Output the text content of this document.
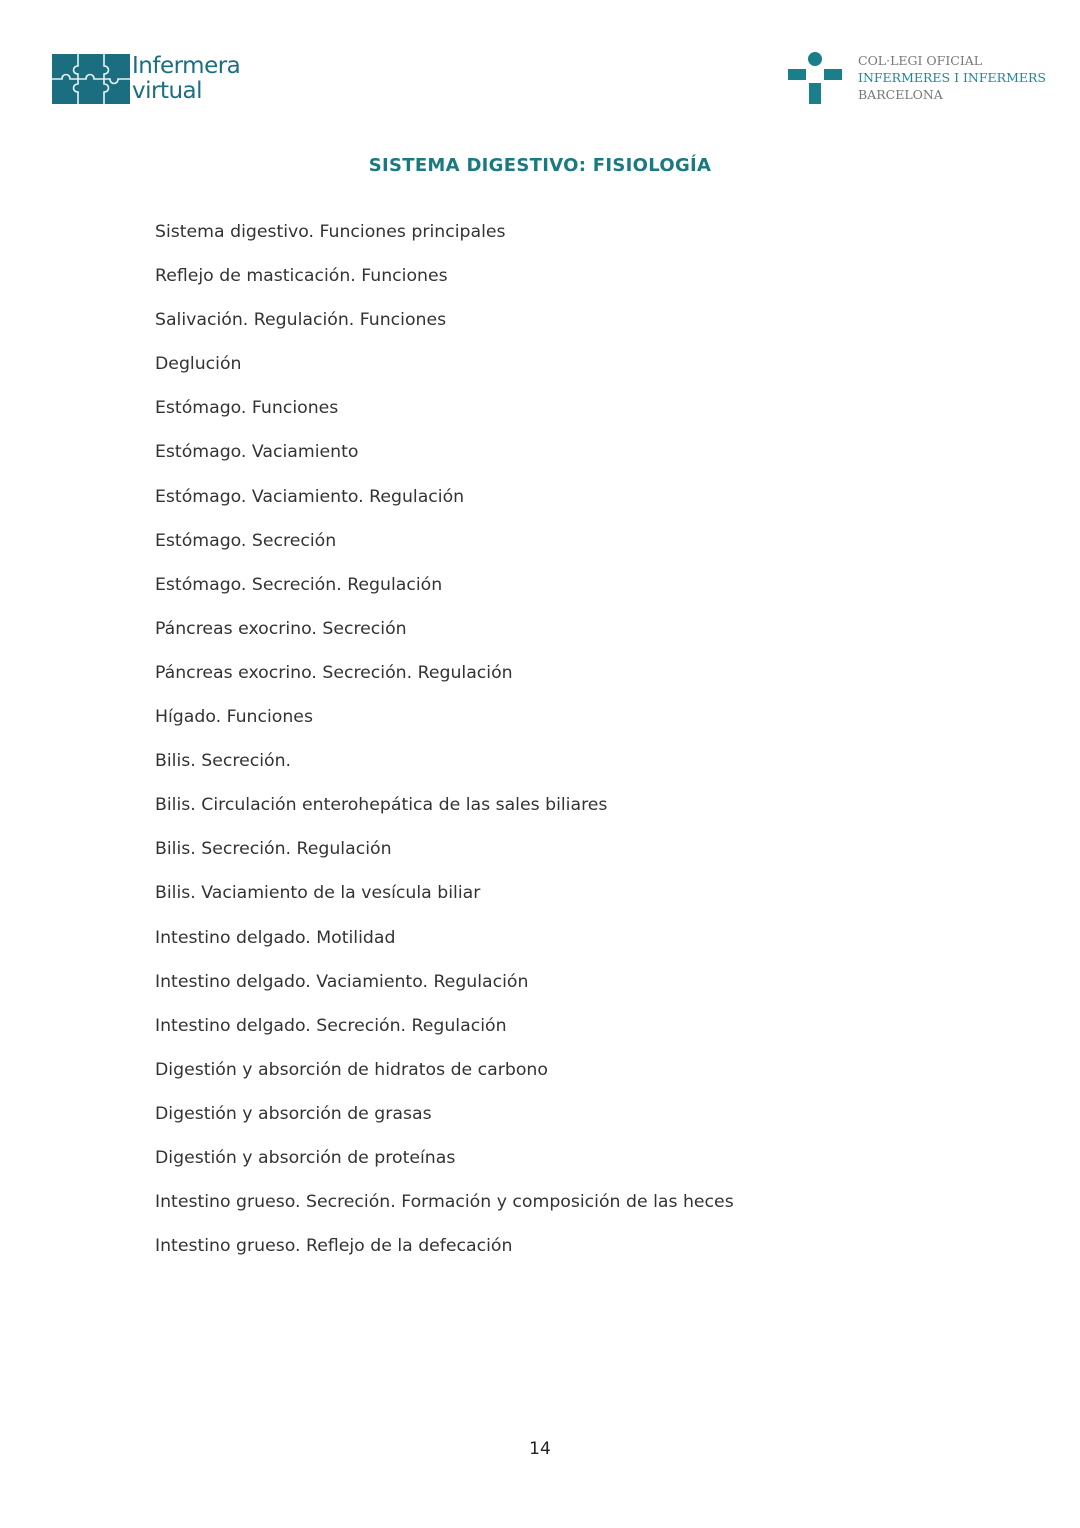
Infermera
virtual
COL·LEGI OFICIAL
INFERMERES I INFERMERS
BARCELONA
SISTEMA DIGESTIVO: FISIOLOGÍA
Sistema digestivo. Funciones principales
Reflejo de masticación. Funciones
Salivación. Regulación. Funciones
Deglución
Estómago. Funciones
Estómago. Vaciamiento
Estómago. Vaciamiento. Regulación
Estómago. Secreción
Estómago. Secreción. Regulación
Páncreas exocrino. Secreción
Páncreas exocrino. Secreción. Regulación
Hígado. Funciones
Bilis. Secreción.
Bilis. Circulación enterohepática de las sales biliares
Bilis. Secreción. Regulación
Bilis. Vaciamiento de la vesícula biliar
Intestino delgado. Motilidad
Intestino delgado. Vaciamiento. Regulación
Intestino delgado. Secreción. Regulación
Digestión y absorción de hidratos de carbono
Digestión y absorción de grasas
Digestión y absorción de proteínas
Intestino grueso. Secreción. Formación y composición de las heces
Intestino grueso. Reflejo de la defecación
14
